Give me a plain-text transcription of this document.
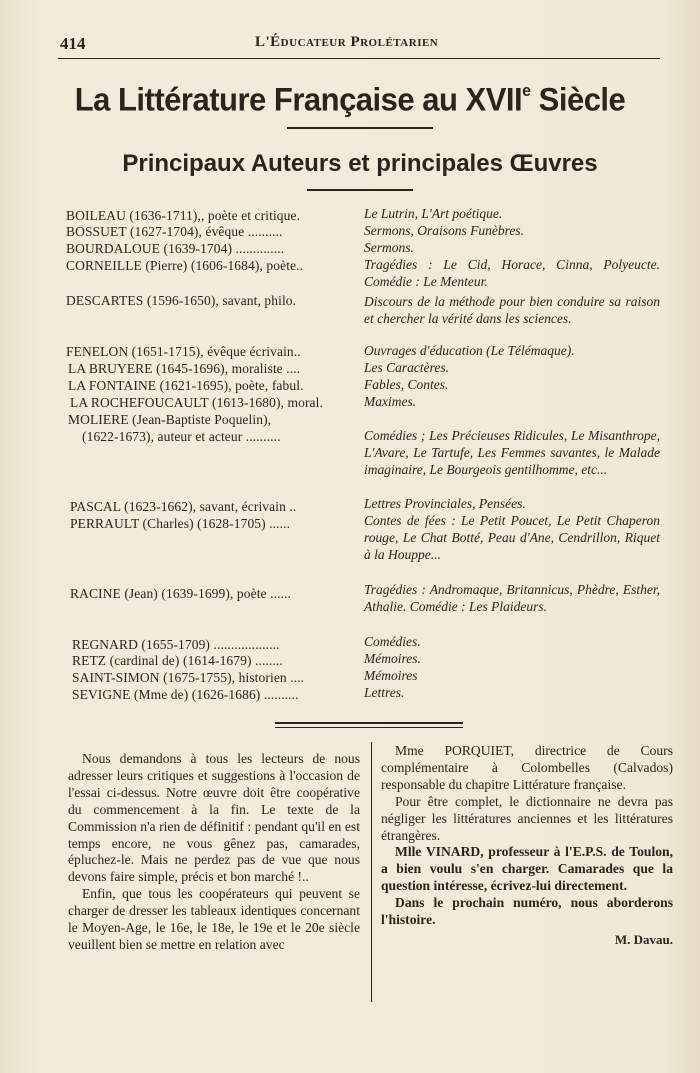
414	L'Éducateur Prolétarien
La Littérature Française au XVIIe Siècle
Principaux Auteurs et principales Œuvres
BOILEAU (1636-1711),, poète et critique.	Le Lutrin, L'Art poétique.
BOSSUET (1627-1704), évêque ..........	Sermons, Oraisons Funèbres.
BOURDALOUE (1639-1704) ..............	Sermons.
CORNEILLE (Pierre) (1606-1684), poète..	Tragédies : Le Cid, Horace, Cinna, Polyeucte. Comédie : Le Menteur.
DESCARTES (1596-1650), savant, philo.	Discours de la méthode pour bien conduire sa raison et chercher la vérité dans les sciences.
FENELON (1651-1715), évêque écrivain..	Ouvrages d'éducation (Le Télémaque).
LA BRUYERE (1645-1696), moraliste ....	Les Caractères.
LA FONTAINE (1621-1695), poète, fabul.	Fables, Contes.
LA ROCHEFOUCAULT (1613-1680), moral.	Maximes.
MOLIERE (Jean-Baptiste Poquelin),
(1622-1673), auteur et acteur ..........	Comédies ; Les Précieuses Ridicules, Le Misanthrope, L'Avare, Le Tartufe, Les Femmes savantes, le Malade imaginaire, Le Bourgeois gentilhomme, etc...
PASCAL (1623-1662), savant, écrivain ..	Lettres Provinciales, Pensées.
PERRAULT (Charles) (1628-1705) ......	Contes de fées : Le Petit Poucet, Le Petit Chaperon rouge, Le Chat Botté, Peau d'Ane, Cendrillon, Riquet à la Houppe...
RACINE (Jean) (1639-1699), poète ......	Tragédies : Andromaque, Britannicus, Phèdre, Esther, Athalie. Comédie : Les Plaideurs.
REGNARD (1655-1709) ...................	Comédies.
RETZ (cardinal de) (1614-1679) ........	Mémoires.
SAINT-SIMON (1675-1755), historien ....	Mémoires
SEVIGNE (Mme de) (1626-1686) ..........	Lettres.

Nous demandons à tous les lecteurs de nous adresser leurs critiques et suggestions à l'occasion de l'essai ci-dessus. Notre œuvre doit être coopérative du commencement à la fin. Le texte de la Commission n'a rien de définitif : pendant qu'il en est temps encore, ne vous gênez pas, camarades, épluchez-le. Mais ne perdez pas de vue que nous devons faire simple, précis et bon marché !..

Enfin, que tous les coopérateurs qui peuvent se charger de dresser les tableaux identiques concernant le Moyen-Age, le 16e, le 18e, le 19e et le 20e siècle veuillent bien se mettre en relation avec

Mme PORQUIET, directrice de Cours complémentaire à Colombelles (Calvados) responsable du chapitre Littérature française.

Pour être complet, le dictionnaire ne devra pas négliger les littératures anciennes et les littératures étrangères.

Mlle VINARD, professeur à l'E.P.S. de Toulon, a bien voulu s'en charger. Camarades que la question intéresse, écrivez-lui directement.

Dans le prochain numéro, nous aborderons l'histoire.

M. Davau.
